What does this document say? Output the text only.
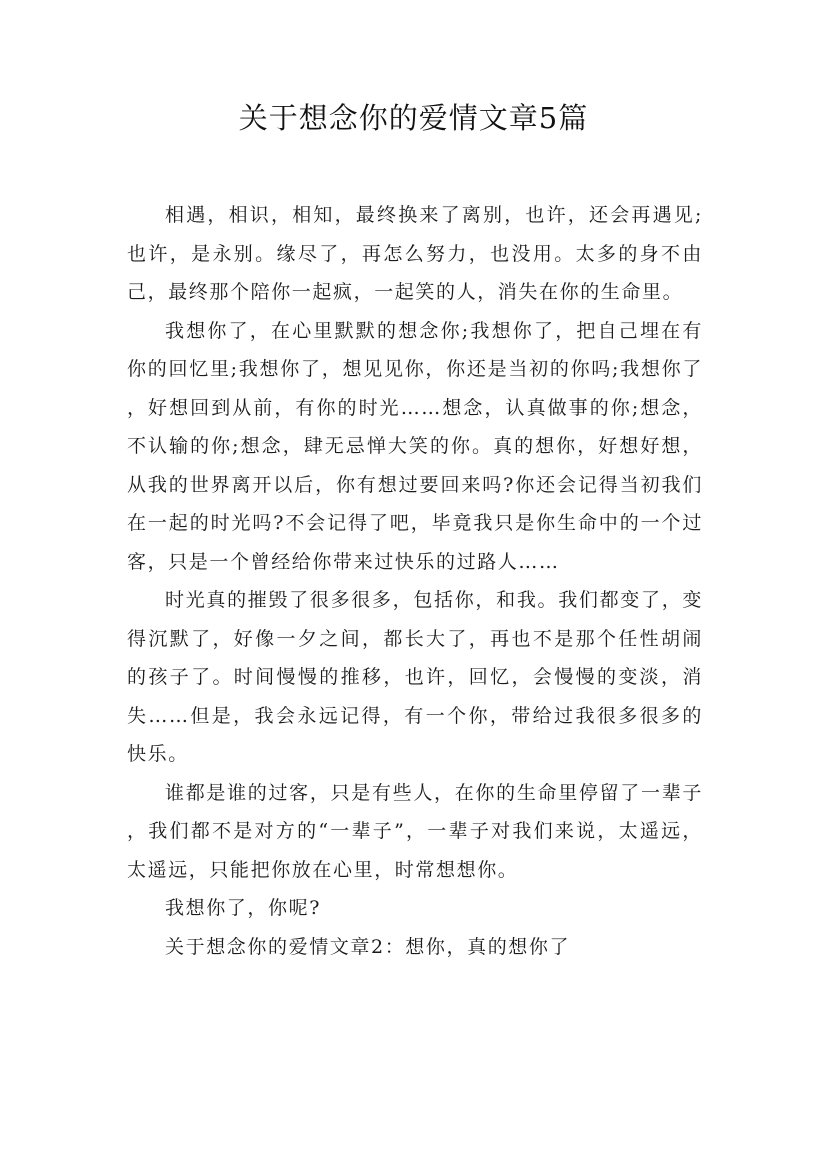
关于想念你的爱情文章5篇

相遇，相识，相知，最终换来了离别，也许，还会再遇见;也许，是永别。缘尽了，再怎么努力，也没用。太多的身不由己，最终那个陪你一起疯，一起笑的人，消失在你的生命里。

我想你了，在心里默默的想念你;我想你了，把自己埋在有你的回忆里;我想你了，想见见你，你还是当初的你吗;我想你了，好想回到从前，有你的时光……想念，认真做事的你;想念，不认输的你;想念，肆无忌惮大笑的你。真的想你，好想好想，从我的世界离开以后，你有想过要回来吗?你还会记得当初我们在一起的时光吗?不会记得了吧，毕竟我只是你生命中的一个过客，只是一个曾经给你带来过快乐的过路人……

时光真的摧毁了很多很多，包括你，和我。我们都变了，变得沉默了，好像一夕之间，都长大了，再也不是那个任性胡闹的孩子了。时间慢慢的推移，也许，回忆，会慢慢的变淡，消失……但是，我会永远记得，有一个你，带给过我很多很多的快乐。

谁都是谁的过客，只是有些人，在你的生命里停留了一辈子，我们都不是对方的“一辈子”，一辈子对我们来说，太遥远，太遥远，只能把你放在心里，时常想想你。

我想你了，你呢?

关于想念你的爱情文章2：想你，真的想你了
